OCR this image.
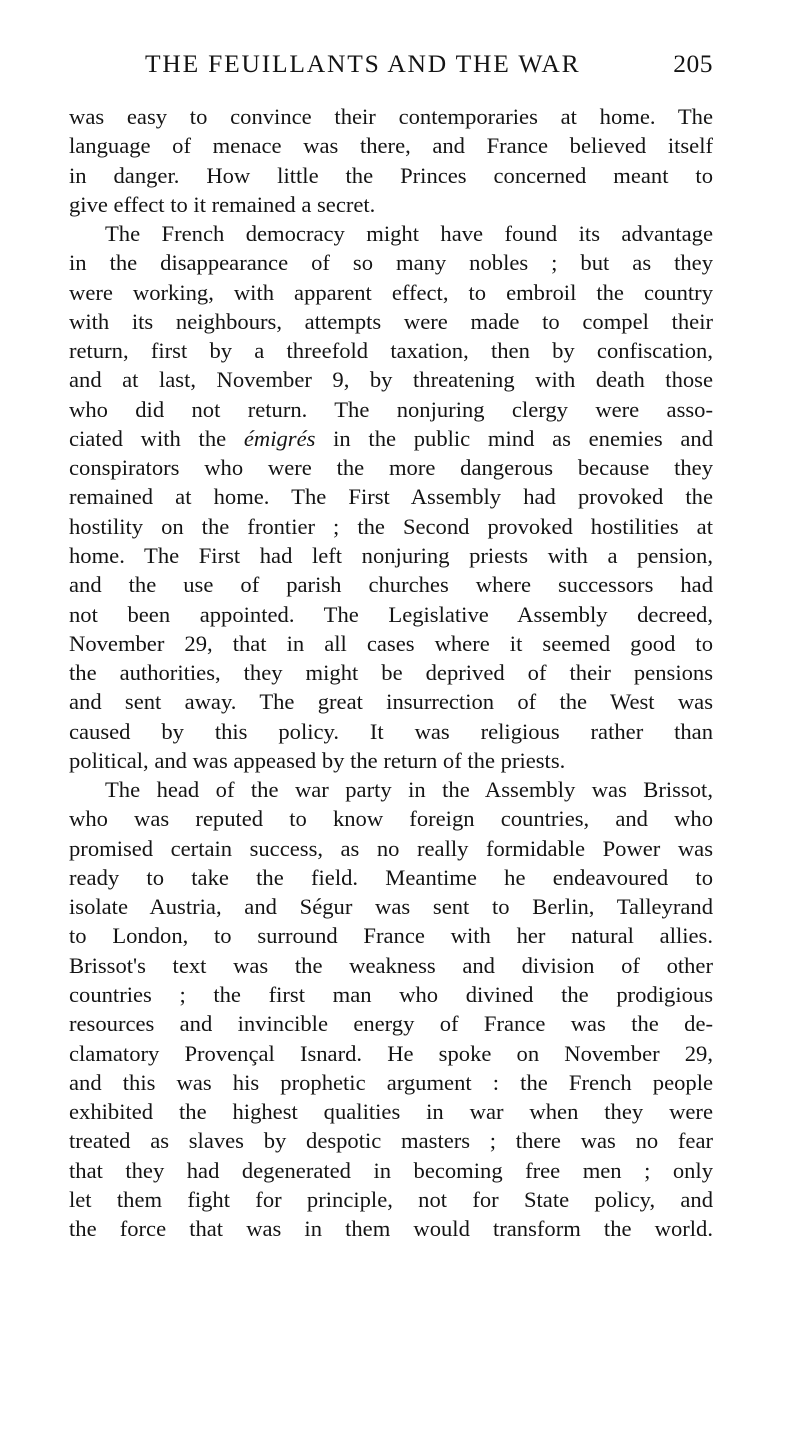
THE FEUILLANTS AND THE WAR	205
was easy to convince their contemporaries at home. The
language of menace was there, and France believed itself
in danger. How little the Princes concerned meant to
give effect to it remained a secret.
The French democracy might have found its advantage
in the disappearance of so many nobles ; but as they
were working, with apparent effect, to embroil the country
with its neighbours, attempts were made to compel their
return, first by a threefold taxation, then by confiscation,
and at last, November 9, by threatening with death those
who did not return. The nonjuring clergy were asso-
ciated with the émigrés in the public mind as enemies and
conspirators who were the more dangerous because they
remained at home. The First Assembly had provoked the
hostility on the frontier ; the Second provoked hostilities at
home. The First had left nonjuring priests with a pension,
and the use of parish churches where successors had
not been appointed. The Legislative Assembly decreed,
November 29, that in all cases where it seemed good to
the authorities, they might be deprived of their pensions
and sent away. The great insurrection of the West was
caused by this policy. It was religious rather than
political, and was appeased by the return of the priests.
The head of the war party in the Assembly was Brissot,
who was reputed to know foreign countries, and who
promised certain success, as no really formidable Power was
ready to take the field. Meantime he endeavoured to
isolate Austria, and Ségur was sent to Berlin, Talleyrand
to London, to surround France with her natural allies.
Brissot's text was the weakness and division of other
countries ; the first man who divined the prodigious
resources and invincible energy of France was the de-
clamatory Provençal Isnard. He spoke on November 29,
and this was his prophetic argument : the French people
exhibited the highest qualities in war when they were
treated as slaves by despotic masters ; there was no fear
that they had degenerated in becoming free men ; only
let them fight for principle, not for State policy, and
the force that was in them would transform the world.
